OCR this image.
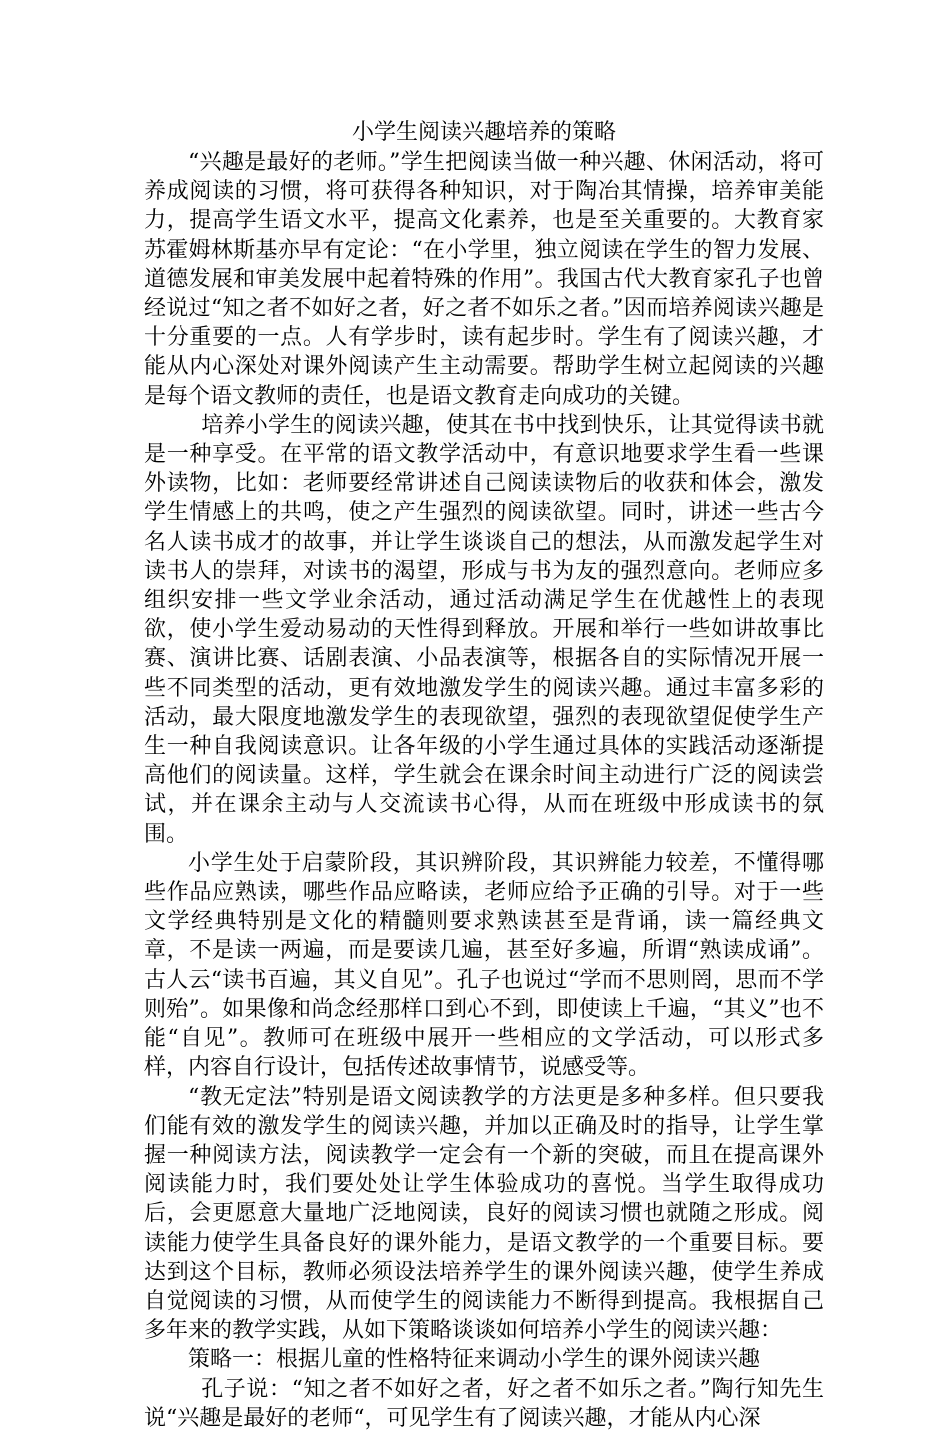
小学生阅读兴趣培养的策略

“兴趣是最好的老师。”学生把阅读当做一种兴趣、休闲活动，将可养成阅读的习惯，将可获得各种知识，对于陶冶其情操，培养审美能力，提高学生语文水平，提高文化素养，也是至关重要的。大教育家苏霍姆林斯基亦早有定论：“在小学里，独立阅读在学生的智力发展、道德发展和审美发展中起着特殊的作用”。我国古代大教育家孔子也曾经说过“知之者不如好之者，好之者不如乐之者。”因而培养阅读兴趣是十分重要的一点。人有学步时，读有起步时。学生有了阅读兴趣，才能从内心深处对课外阅读产生主动需要。帮助学生树立起阅读的兴趣是每个语文教师的责任，也是语文教育走向成功的关键。

培养小学生的阅读兴趣，使其在书中找到快乐，让其觉得读书就是一种享受。在平常的语文教学活动中，有意识地要求学生看一些课外读物，比如：老师要经常讲述自己阅读读物后的收获和体会，激发学生情感上的共鸣，使之产生强烈的阅读欲望。同时，讲述一些古今名人读书成才的故事，并让学生谈谈自己的想法，从而激发起学生对读书人的崇拜，对读书的渴望，形成与书为友的强烈意向。老师应多组织安排一些文学业余活动，通过活动满足学生在优越性上的表现欲，使小学生爱动易动的天性得到释放。开展和举行一些如讲故事比赛、演讲比赛、话剧表演、小品表演等，根据各自的实际情况开展一些不同类型的活动，更有效地激发学生的阅读兴趣。通过丰富多彩的活动，最大限度地激发学生的表现欲望，强烈的表现欲望促使学生产生一种自我阅读意识。让各年级的小学生通过具体的实践活动逐渐提高他们的阅读量。这样，学生就会在课余时间主动进行广泛的阅读尝试，并在课余主动与人交流读书心得，从而在班级中形成读书的氛围。

小学生处于启蒙阶段，其识辨阶段，其识辨能力较差，不懂得哪些作品应熟读，哪些作品应略读，老师应给予正确的引导。对于一些文学经典特别是文化的精髓则要求熟读甚至是背诵，读一篇经典文章，不是读一两遍，而是要读几遍，甚至好多遍，所谓“熟读成诵”。古人云“读书百遍，其义自见”。孔子也说过“学而不思则罔，思而不学则殆”。如果像和尚念经那样口到心不到，即使读上千遍，“其义”也不能“自见”。教师可在班级中展开一些相应的文学活动，可以形式多样，内容自行设计，包括传述故事情节，说感受等。

“教无定法”特别是语文阅读教学的方法更是多种多样。但只要我们能有效的激发学生的阅读兴趣，并加以正确及时的指导，让学生掌握一种阅读方法，阅读教学一定会有一个新的突破，而且在提高课外阅读能力时，我们要处处让学生体验成功的喜悦。当学生取得成功后，会更愿意大量地广泛地阅读，良好的阅读习惯也就随之形成。阅读能力使学生具备良好的课外能力，是语文教学的一个重要目标。要达到这个目标，教师必须设法培养学生的课外阅读兴趣，使学生养成自觉阅读的习惯，从而使学生的阅读能力不断得到提高。我根据自己多年来的教学实践，从如下策略谈谈如何培养小学生的阅读兴趣：

策略一：根据儿童的性格特征来调动小学生的课外阅读兴趣

孔子说：“知之者不如好之者，好之者不如乐之者。”陶行知先生说“兴趣是最好的老师“，可见学生有了阅读兴趣，才能从内心深
